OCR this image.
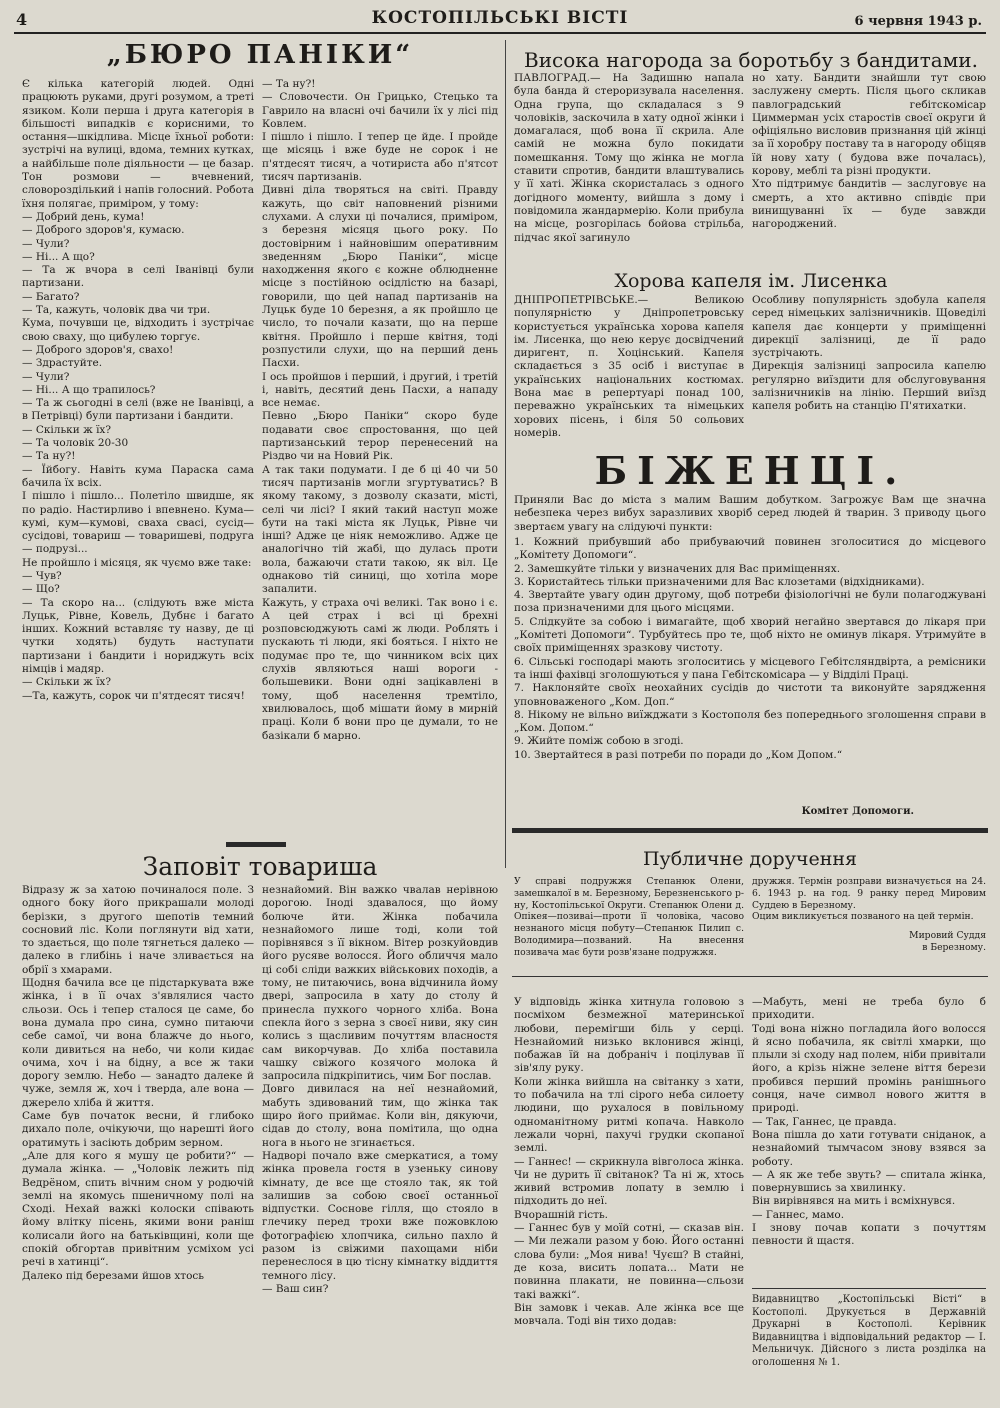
4	КОСТОПІЛЬСЬКІ ВІСТІ	6 червня 1943 р.
„БЮРО ПАНІКИ“

Є кілька категорій людей. Одні працюють руками, другі розумом, а треті язиком. Коли перша і друга категорія в більшості випадків є корисними, то остання—шкідлива. Місце їхньої роботи: зустрічі на вулиці, вдома, темних кутках, а найбільше поле діяльности — це базар. Тон розмови — вчевнений, словорозділький і напів голосний. Робота їхня полягає, приміром, у тому:
— Добрий день, кума!
— Доброго здоров'я, кумасю.
— Чули?
— Ні... А що?
— Та ж вчора в селі Іванівці були партизани.
— Багато?
— Та, кажуть, чоловік два чи три.
Кума, почувши це, відходить і зустрічає свою сваху, що цибулею торгує.
— Доброго здоров'я, свахо!
— Здрастуйте.
— Чули?
— Ні... А що трапилось?
— Та ж сьогодні в селі (вже не Іванівці, а в Петрівці) були партизани і бандити.
— Скільки ж їх?
— Та чоловік 20-30
— Та ну?!
— Їйбогу. Навіть кума Параска сама бачила їх всіх.
І пішло і пішло... Полетіло швидше, як по радіо. Настирливо і впевнено. Кума—кумі, кум—кумові, сваха свасі, сусід—сусідові, товариш — товаришеві, подруга — подрузі...
Не пройшло і місяця, як чуємо вже таке:
— Чув?
— Що?
— Та скоро на... (слідують вже міста Луцьк, Рівне, Ковель, Дубнє і багато інших. Кожний вставляє ту назву, де ці чутки ходять) будуть наступати партизани і бандити і нориджуть всіх німців і мадяр.
— Скільки ж їх?
—Та, кажуть, сорок чи п'ятдесят тисяч!

— Та ну?!
— Словочести. Он Грицько, Стецько та Гаврило на власні очі бачили їх у лісі під Ковлем.
І пішло і пішло. І тепер це йде. І пройде ще місяць і вже буде не сорок і не п'ятдесят тисяч, а чотириста або п'ятсот тисяч партизанів.
Дивні діла творяться на світі. Правду кажуть, що світ наповнений різними слухами. А слухи ці почалися, приміром, з березня місяця цього року. По достовірним і найновішим оперативним зведенням „Бюро Паніки“, місце находження якого є кожне облюдненне місце з постійною осідлістю на базарі, говорили, що цей напад партизанів на Луцьк буде 10 березня, а як пройшло це число, то почали казати, що на перше квітня. Пройшло і перше квітня, тоді розпустили слухи, що на перший день Пасхи.
І ось пройшов і перший, і другий, і третій і, навіть, десятий день Пасхи, а нападу все немає.
Певно „Бюро Паніки“ скоро буде подавати своє спростовання, що цей партизанський терор перенесений на Різдво чи на Новий Рік.
А так таки подумати. І де б ці 40 чи 50 тисяч партизанів могли згуртуватись? В якому такому, з дозволу сказати, місті, селі чи лісі? І який такий наступ може бути на такі міста як Луцьк, Рівне чи інші? Адже це ніяк неможливо. Адже це аналогічно тій жабі, що дулась проти вола, бажаючи стати такою, як віл. Це однаково тій синиці, що хотіла море запалити.
Кажуть, у страха очі великі. Так воно і є. А цей страх і всі ці брехні розповсюджують самі ж люди. Роблять і пускають ті люди, які бояться. І ніхто не подумає про те, що чинником всіх цих слухів являються наші вороги - большевики. Вони одні зацікавлені в тому, щоб населення тремтіло, хвилювалось, щоб мішати йому в мирній праці. Коли б вони про це думали, то не базікали б марно.

Висока нагорода за боротьбу з бандитами.

ПАВЛОГРАД.— На Задишню напала була банда й стероризувала населення. Одна група, що складалася з 9 чоловіків, заскочила в хату одної жінки і домагалася, щоб вона її скрила. Але самій не можна було покидати помешкання. Тому що жінка не могла ставити спротив, бандити влаштувались у її хаті. Жінка скористалась з одного догідного моменту, вийшла з дому і повідомила жандармерію. Коли прибула на місце, розгорілась бойова стрільба, підчас якої загинуло

но хату. Бандити знайшли тут свою заслужену смерть. Після цього скликав павлоградський гебітскомісар Циммерман усіх старостів своєї округи й офіціяльно висловив признання цій жінці за її хоробру поставу та в нагороду обіцяв їй нову хату ( будова вже почалась), корову, меблі та різні продукти.
Хто підтримує бандитів — заслуговує на смерть, а хто активно співдіє при винищуванні їх — буде завжди нагороджений.

Хорова капеля ім. Лисенка

ДНІПРОПЕТРІВСЬКЕ.— Великою популярністю у Дніпропетровську користується українська хорова капеля ім. Лисенка, що нею керує досвідчений диригент, п. Хоцінський. Капеля складається з 35 осіб і виступає в українських національних костюмах. Вона має в репертуарі понад 100, переважно українських та німецьких хорових пісень, і біля 50 сольових номерів.

Особливу популярність здобула капеля серед німецьких залізничників. Щоведілі капеля дає концерти у приміщенні дирекції залізниці, де її радо зустрічають.
Дирекція залізниці запросила капелю регулярно виїздити для обслуговування залізничників на лінію. Перший виїзд капеля робить на станцію П'ятихатки.

БІЖЕНЦІ.

Приняли Вас до міста з малим Вашим добутком. Загрожує Вам ще значна небезпека через вибух заразливих хворіб серед людей й тварин. З приводу цього звертаєм увагу на слідуючі пункти:

1. Кожний прибувший або прибуваючий повинен зголоситися до місцевого „Комітету Допомоги“.

2. Замешкуйте тільки у визначених для Вас приміщеннях.

3. Користайтесь тільки призначеними для Вас клозетами (відхідниками).

4. Звертайте увагу один другому, щоб потреби фізіологічні не були полагоджувані поза призначеними для цього місцями.

5. Слідкуйте за собою і вимагайте, щоб хворий негайно звертався до лікаря при „Комітеті Допомоги“. Турбуйтесь про те, щоб ніхто не оминув лікаря. Утримуйте в своїх приміщеннях зразкову чистоту.

6. Сільські господарі мають зголоситись у місцевого Гебітсляндвірта, а ремісники та інші фахівці зголошуються у пана Гебітскомісара — у Відділі Праці.

7. Наклоняйте своїх неохайних сусідів до чистоти та виконуйте зарядження уповноваженого „Ком. Доп.“

8. Нікому не вільно виїжджати з Костополя без попереднього зголошення справи в „Ком. Допом.“

9. Жийте поміж собою в згоді.

10. Звертайтеся в разі потреби по поради до „Ком Допом.“

Комітет Допомоги.
Заповіт товариша

Відразу ж за хатою починалося поле. З одного боку його прикрашали молоді берізки, з другого шепотів темний сосновий ліс. Коли поглянути від хати, то здається, що поле тягнеться далеко — далеко в глибінь і наче зливається на обрії з хмарами.
Щодня бачила все це підстаркувата вже жінка, і в її очах з'являлися часто сльози. Ось і тепер сталося це саме, бо вона думала про сина, сумно питаючи себе самої, чи вона блажче до нього, коли дивиться на небо, чи коли кидає очима, хоч і на бідну, а все ж таки дорогу землю. Небо — занадто далеке й чуже, земля ж, хоч і тверда, але вона — джерело хліба й життя.
Саме був початок весни, й глибоко дихало поле, очікуючи, що нарешті його оратимуть і засіють добрим зерном.
„Але для кого я мушу це робити?“ — думала жінка. — „Чоловік лежить під Ведрёном, спить вічним сном у родючій землі на якомусь пшеничному полі на Сході. Нехай важкі колоски співають йому влітку пісень, якими вони раніш колисали його на батьківщині, коли ще спокій обгортав привітним усміхом усі речі в хатинці“.
Далеко під березами йшов хтось

незнайомий. Він важко чвалав нерівною дорогою. Іноді здавалося, що йому болюче йти. Жінка побачила незнайомого лише тоді, коли той порівнявся з її вікном. Вітер розкуйовдив його русяве волосся. Його обличчя мало ці собі сліди важких військових походів, а тому, не питаючись, вона відчинила йому двері, запросила в хату до столу й принесла пухкого чорного хліба. Вона спекла його з зерна з своєї ниви, яку син колись з щасливим почуттям власностя сам викорчував. До хліба поставила чашку свіжого козячого молока й запросила підкріпитись, чим Бог послав.
Довго дивилася на неї незнайомий, мабуть здивований тим, що жінка так щиро його приймає. Коли він, дякуючи, сідав до столу, вона помітила, що одна нога в нього не згинається.
Надворі почало вже смеркатися, а тому жінка провела гостя в узеньку синову кімнату, де все ще стояло так, як той залишив за собою своєї останньої відпустки. Соснове гілля, що стояло в глечику перед трохи вже пожовклою фотографією хлопчика, сильно пахло й разом із свіжими пахощами ніби перенеслося в цю тісну кімнатку віддиття темного лісу.
— Ваш син?

Публичне доручення

У справі подружжя Степанюк Олени, замешкалої в м. Березному, Березненського р-ну, Костопільської Округи. Степанюк Олени д. Опікея—позиваі—проти її чоловіка, часово незнаного місця побуту—Степанюк Пилип с. Володимира—позваний. На внесення позивача має бути розв'язане подружжя.

дружжя. Термін розправи визначується на 24. 6. 1943 р. на год. 9 ранку перед Мировим Суддею в Березному.
Оцим викликується позваного на цей термін.

Мировий Суддя
в Березному.

У відповідь жінка хитнула головою з посміхом безмежної материнської любови, перемігши біль у серці. Незнайомий низько вклонився жінці, побажав їй на добраніч і поцілував її зів'ялу руку.
Коли жінка вийшла на світанку з хати, то побачила на тлі сірого неба силоету людини, що рухалося в повільному одноманітному ритмі копача. Навколо лежали чорні, пахучі грудки скопаної землі.
— Ганнес! — скрикнула вівголоса жінка. Чи не дурить її світанок? Та ні ж, хтось живий встромив лопату в землю і підходить до неї.
Вчорашній гість.
— Ганнес був у моїй сотні, — сказав він. — Ми лежали разом у бою. Його останні слова були: „Моя нива! Чуєш? В стайні, де коза, висить лопата... Мати не повинна плакати, не повинна—сльози такі важкі“.
Він замовк і чекав. Але жінка все ще мовчала. Тоді він тихо додав:

—Мабуть, мені не треба було б приходити.
Тоді вона ніжно погладила його волосся й ясно побачила, як світлі хмарки, що плыли зі сходу над полем, ніби привітали його, а крізь ніжне зелене віття берези пробився перший промінь ранішнього сонця, наче символ нового життя в природі.
— Так, Ганнес, це правда.
Вона пішла до хати готувати сніданок, а незнайомий тымчасом знову взявся за роботу.
— А як же тебе звуть? — спитала жінка, повернувшись за хвилинку.
Він вирівнявся на мить і всміхнувся.
— Ганнес, мамо.
І знову почав копати з почуттям певности й щастя.

Видавництво „Костопільські Вісті“ в Костополі. Друкується в Державній Друкарні в Костополі. Керівник Видавництва і відповідальний редактор — І. Мельничук. Дійсного з листа розділка на оголошення № 1.
